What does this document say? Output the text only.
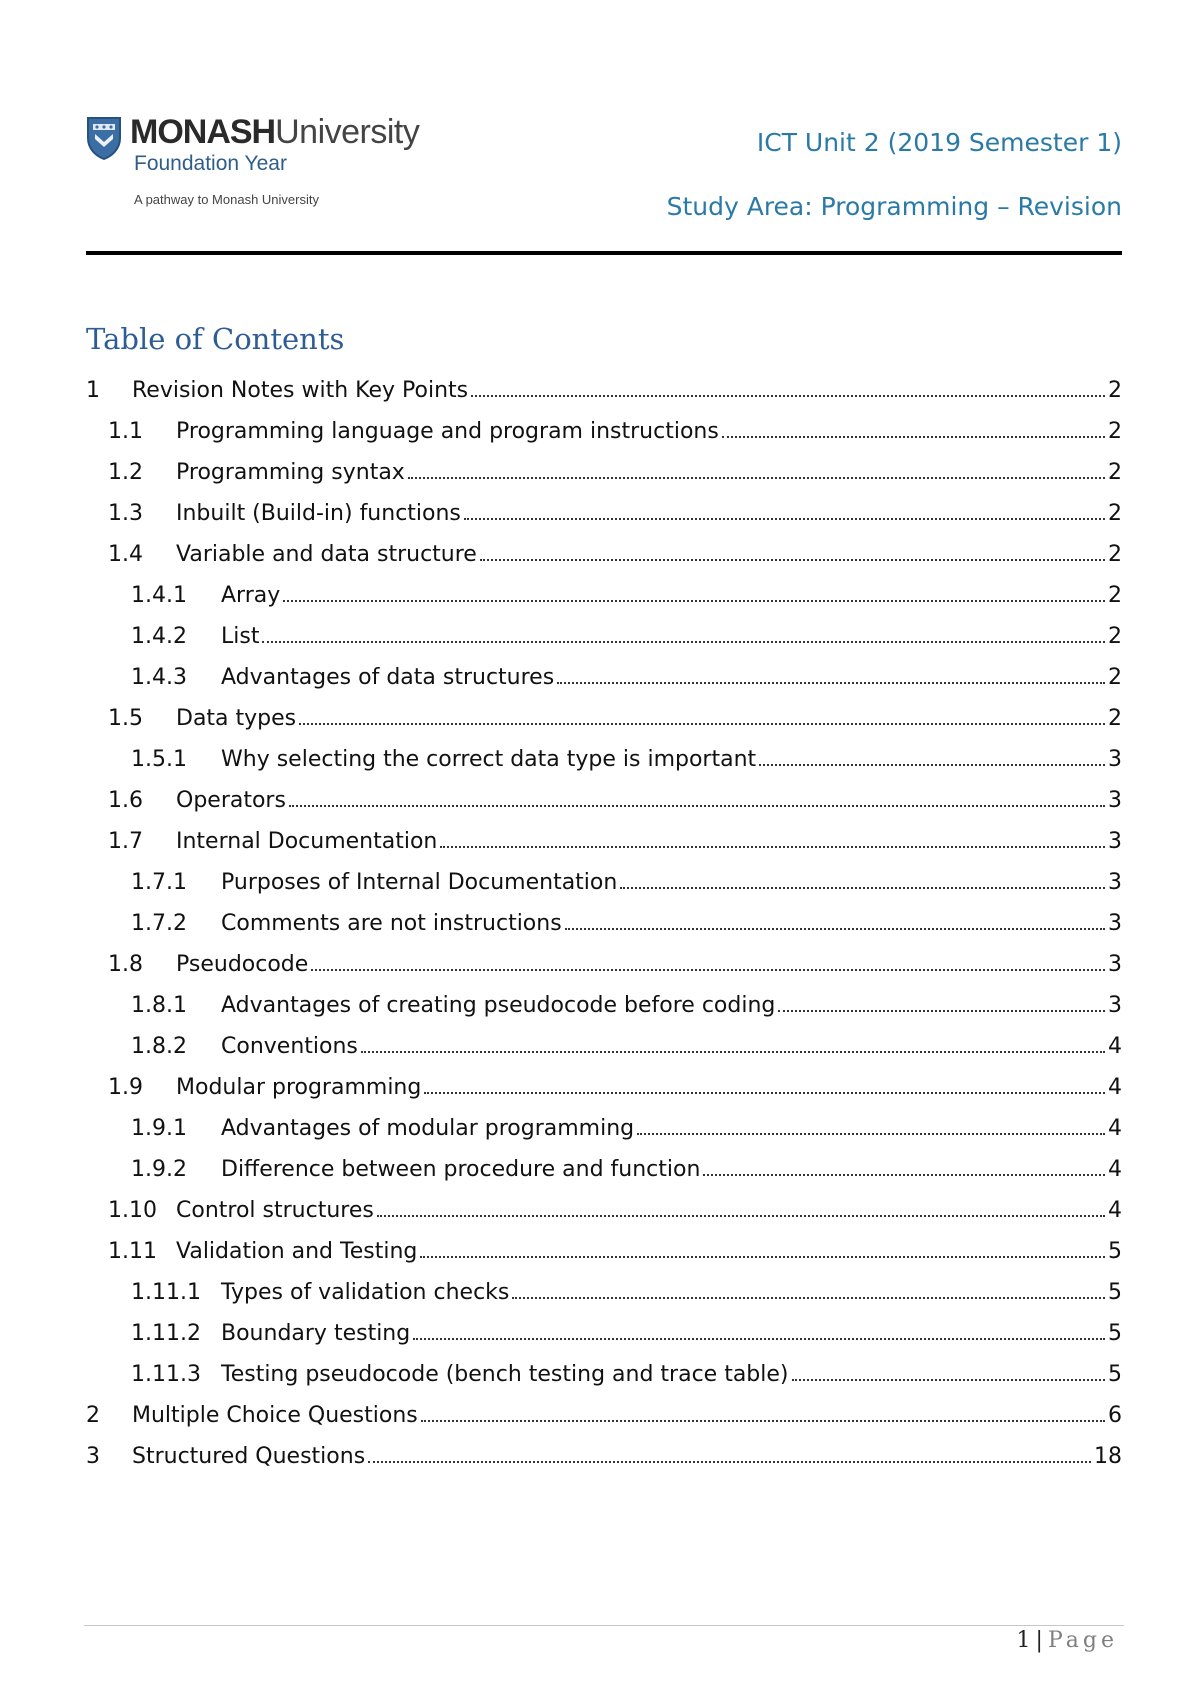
MONASHUniversity
Foundation Year
A pathway to Monash University
ICT Unit 2 (2019 Semester 1)
Study Area: Programming – Revision
Table of Contents
1	Revision Notes with Key Points	2
1.1	Programming language and program instructions	2
1.2	Programming syntax	2
1.3	Inbuilt (Build-in) functions	2
1.4	Variable and data structure	2
1.4.1	Array	2
1.4.2	List	2
1.4.3	Advantages of data structures	2
1.5	Data types	2
1.5.1	Why selecting the correct data type is important	3
1.6	Operators	3
1.7	Internal Documentation	3
1.7.1	Purposes of Internal Documentation	3
1.7.2	Comments are not instructions	3
1.8	Pseudocode	3
1.8.1	Advantages of creating pseudocode before coding	3
1.8.2	Conventions	4
1.9	Modular programming	4
1.9.1	Advantages of modular programming	4
1.9.2	Difference between procedure and function	4
1.10 Control structures	4
1.11 Validation and Testing	5
1.11.1 Types of validation checks	5
1.11.2 Boundary testing	5
1.11.3 Testing pseudocode (bench testing and trace table)	5
2	Multiple Choice Questions	6
3	Structured Questions	18
1 | Page
